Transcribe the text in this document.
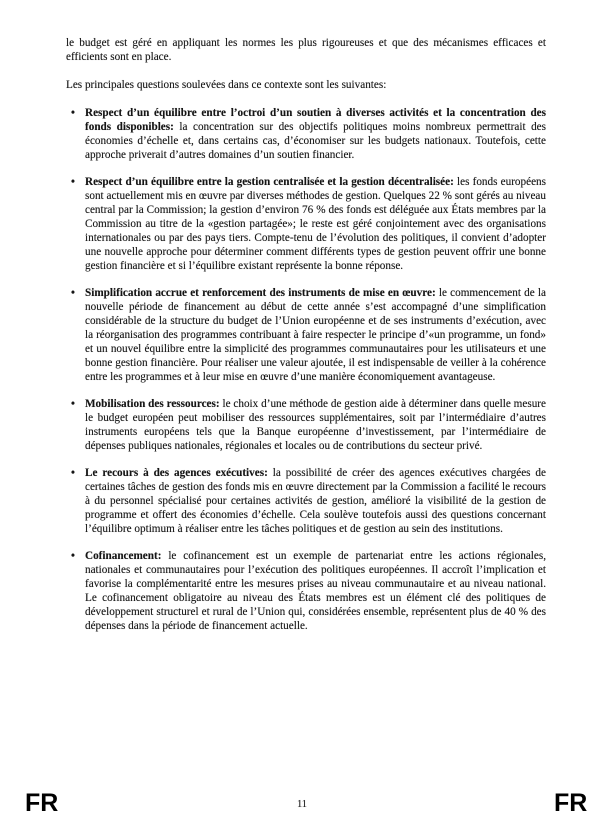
le budget est géré en appliquant les normes les plus rigoureuses et que des mécanismes efficaces et efficients sont en place.

Les principales questions soulevées dans ce contexte sont les suivantes:

• Respect d’un équilibre entre l’octroi d’un soutien à diverses activités et la concentration des fonds disponibles: la concentration sur des objectifs politiques moins nombreux permettrait des économies d’échelle et, dans certains cas, d’économiser sur les budgets nationaux. Toutefois, cette approche priverait d’autres domaines d’un soutien financier.
• Respect d’un équilibre entre la gestion centralisée et la gestion décentralisée: les fonds européens sont actuellement mis en œuvre par diverses méthodes de gestion. Quelques 22 % sont gérés au niveau central par la Commission; la gestion d’environ 76 % des fonds est déléguée aux États membres par la Commission au titre de la «gestion partagée»; le reste est géré conjointement avec des organisations internationales ou par des pays tiers. Compte-tenu de l’évolution des politiques, il convient d’adopter une nouvelle approche pour déterminer comment différents types de gestion peuvent offrir une bonne gestion financière et si l’équilibre existant représente la bonne réponse.
• Simplification accrue et renforcement des instruments de mise en œuvre: le commencement de la nouvelle période de financement au début de cette année s’est accompagné d’une simplification considérable de la structure du budget de l’Union européenne et de ses instruments d’exécution, avec la réorganisation des programmes contribuant à faire respecter le principe d’«un programme, un fond» et un nouvel équilibre entre la simplicité des programmes communautaires pour les utilisateurs et une bonne gestion financière. Pour réaliser une valeur ajoutée, il est indispensable de veiller à la cohérence entre les programmes et à leur mise en œuvre d’une manière économiquement avantageuse.
• Mobilisation des ressources: le choix d’une méthode de gestion aide à déterminer dans quelle mesure le budget européen peut mobiliser des ressources supplémentaires, soit par l’intermédiaire d’autres instruments européens tels que la Banque européenne d’investissement, par l’intermédiaire de dépenses publiques nationales, régionales et locales ou de contributions du secteur privé.
• Le recours à des agences exécutives: la possibilité de créer des agences exécutives chargées de certaines tâches de gestion des fonds mis en œuvre directement par la Commission a facilité le recours à du personnel spécialisé pour certaines activités de gestion, amélioré la visibilité de la gestion de programme et offert des économies d’échelle. Cela soulève toutefois aussi des questions concernant l’équilibre optimum à réaliser entre les tâches politiques et de gestion au sein des institutions.
• Cofinancement: le cofinancement est un exemple de partenariat entre les actions régionales, nationales et communautaires pour l’exécution des politiques européennes. Il accroît l’implication et favorise la complémentarité entre les mesures prises au niveau communautaire et au niveau national. Le cofinancement obligatoire au niveau des États membres est un élément clé des politiques de développement structurel et rural de l’Union qui, considérées ensemble, représentent plus de 40 % des dépenses dans la période de financement actuelle.
FR	11	FR
